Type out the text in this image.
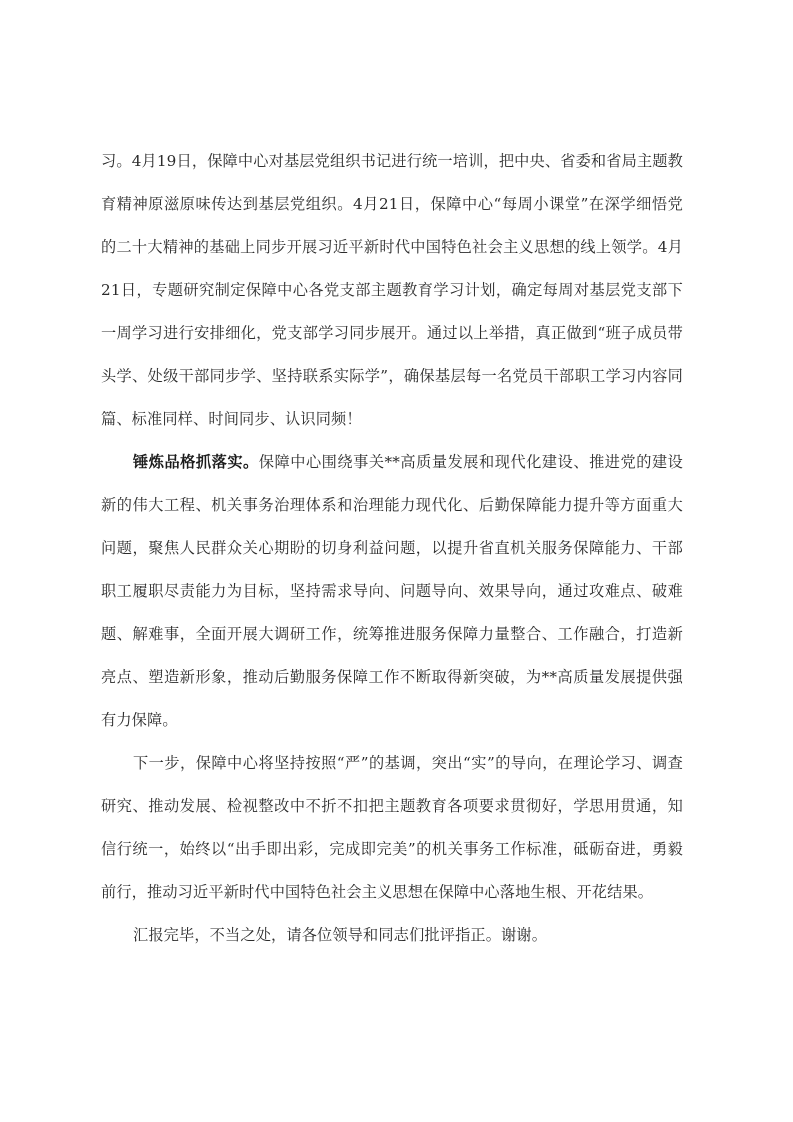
习。4月19日，保障中心对基层党组织书记进行统一培训，把中央、省委和省局主题教育精神原滋原味传达到基层党组织。4月21日，保障中心“每周小课堂”在深学细悟党的二十大精神的基础上同步开展习近平新时代中国特色社会主义思想的线上领学。4月21日，专题研究制定保障中心各党支部主题教育学习计划，确定每周对基层党支部下一周学习进行安排细化，党支部学习同步展开。通过以上举措，真正做到“班子成员带头学、处级干部同步学、坚持联系实际学”，确保基层每一名党员干部职工学习内容同篇、标准同样、时间同步、认识同频！

锤炼品格抓落实。保障中心围绕事关**高质量发展和现代化建设、推进党的建设新的伟大工程、机关事务治理体系和治理能力现代化、后勤保障能力提升等方面重大问题，聚焦人民群众关心期盼的切身利益问题，以提升省直机关服务保障能力、干部职工履职尽责能力为目标，坚持需求导向、问题导向、效果导向，通过攻难点、破难题、解难事，全面开展大调研工作，统筹推进服务保障力量整合、工作融合，打造新亮点、塑造新形象，推动后勤服务保障工作不断取得新突破，为**高质量发展提供强有力保障。

下一步，保障中心将坚持按照“严”的基调，突出“实”的导向，在理论学习、调查研究、推动发展、检视整改中不折不扣把主题教育各项要求贯彻好，学思用贯通，知信行统一，始终以“出手即出彩，完成即完美”的机关事务工作标准，砥砺奋进，勇毅前行，推动习近平新时代中国特色社会主义思想在保障中心落地生根、开花结果。

汇报完毕，不当之处，请各位领导和同志们批评指正。谢谢。
